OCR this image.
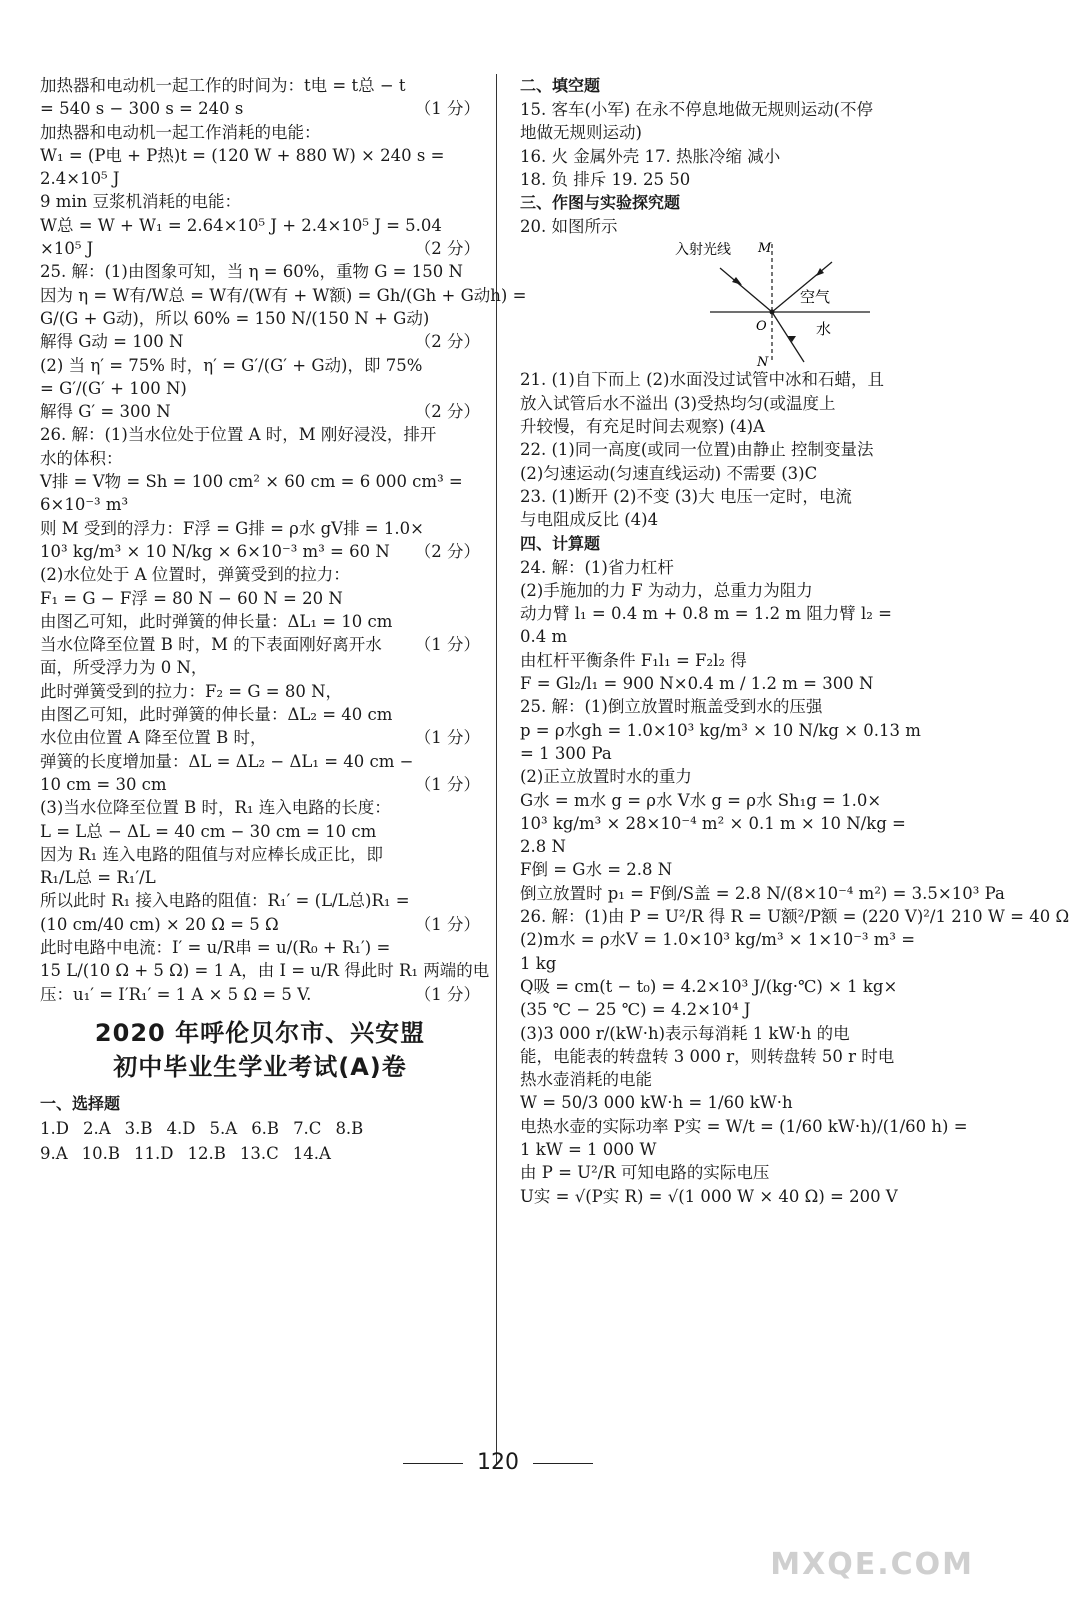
加热器和电动机一起工作的时间为：t电 = t总 − t
= 540 s − 300 s = 240 s	（1 分）
加热器和电动机一起工作消耗的电能：
W₁ = (P电 + P热)t = (120 W + 880 W) × 240 s =
2.4×10⁵ J
9 min 豆浆机消耗的电能：
W总 = W + W₁ = 2.64×10⁵ J + 2.4×10⁵ J = 5.04
×10⁵ J	（2 分）
25. 解：(1)由图象可知，当 η = 60%，重物 G = 150 N
因为 η = W有/W总 = W有/(W有 + W额) = Gh/(Gh + G动h) =
G/(G + G动)，所以 60% = 150 N/(150 N + G动)
解得 G动 = 100 N	（2 分）
(2) 当 η′ = 75% 时，η′ = G′/(G′ + G动)，即 75%
= G′/(G′ + 100 N)
解得 G′ = 300 N	（2 分）
26. 解：(1)当水位处于位置 A 时，M 刚好浸没，排开
水的体积：
V排 = V物 = Sh = 100 cm² × 60 cm = 6 000 cm³ =
6×10⁻³ m³
则 M 受到的浮力：F浮 = G排 = ρ水 gV排 = 1.0×
10³ kg/m³ × 10 N/kg × 6×10⁻³ m³ = 60 N （2 分）
(2)水位处于 A 位置时，弹簧受到的拉力：
F₁ = G − F浮 = 80 N − 60 N = 20 N
由图乙可知，此时弹簧的伸长量：ΔL₁ = 10 cm
（1 分）
当水位降至位置 B 时，M 的下表面刚好离开水
面，所受浮力为 0 N，
此时弹簧受到的拉力：F₂ = G = 80 N，
由图乙可知，此时弹簧的伸长量：ΔL₂ = 40 cm
（1 分）
水位由位置 A 降至位置 B 时，
弹簧的长度增加量：ΔL = ΔL₂ − ΔL₁ = 40 cm −
10 cm = 30 cm	（1 分）
(3)当水位降至位置 B 时，R₁ 连入电路的长度：
L = L总 − ΔL = 40 cm − 30 cm = 10 cm
因为 R₁ 连入电路的阻值与对应棒长成正比，即
R₁/L总 = R₁′/L
所以此时 R₁ 接入电路的阻值：R₁′ = (L/L总)R₁ =
(10 cm/40 cm) × 20 Ω = 5 Ω	（1 分）
此时电路中电流：I′ = u/R串 = u/(R₀ + R₁′) =
15 L/(10 Ω + 5 Ω) = 1 A，由 I = u/R 得此时 R₁ 两端的电
压：u₁′ = I′R₁′ = 1 A × 5 Ω = 5 V.	（1 分）
2020 年呼伦贝尔市、兴安盟
初中毕业生学业考试(A)卷
一、选择题
1.D 2.A 3.B 4.D 5.A 6.B 7.C 8.B
9.A 10.B 11.D 12.B 13.C 14.A
二、填空题
15. 客车(小军) 在永不停息地做无规则运动(不停
地做无规则运动)
16. 火 金属外壳 17. 热胀冷缩 减小
18. 负 排斥 19. 25 50
三、作图与实验探究题
20. 如图所示
入射光线 M
N
O
空气
水
21. (1)自下而上 (2)水面没过试管中冰和石蜡，且
放入试管后水不溢出 (3)受热均匀(或温度上
升较慢，有充足时间去观察) (4)A
22. (1)同一高度(或同一位置)由静止 控制变量法
(2)匀速运动(匀速直线运动) 不需要 (3)C
23. (1)断开 (2)不变 (3)大 电压一定时，电流
与电阻成反比 (4)4
四、计算题
24. 解：(1)省力杠杆
(2)手施加的力 F 为动力，总重力为阻力
动力臂 l₁ = 0.4 m + 0.8 m = 1.2 m 阻力臂 l₂ =
0.4 m
由杠杆平衡条件 F₁l₁ = F₂l₂ 得
F = Gl₂/l₁ = 900 N×0.4 m / 1.2 m = 300 N
25. 解：(1)倒立放置时瓶盖受到水的压强
p = ρ水gh = 1.0×10³ kg/m³ × 10 N/kg × 0.13 m
= 1 300 Pa
(2)正立放置时水的重力
G水 = m水 g = ρ水 V水 g = ρ水 Sh₁g = 1.0×
10³ kg/m³ × 28×10⁻⁴ m² × 0.1 m × 10 N/kg =
2.8 N
F倒 = G水 = 2.8 N
倒立放置时 p₁ = F倒/S盖 = 2.8 N/(8×10⁻⁴ m²) = 3.5×10³ Pa
26. 解：(1)由 P = U²/R 得 R = U额²/P额 = (220 V)²/1 210 W = 40 Ω
(2)m水 = ρ水V = 1.0×10³ kg/m³ × 1×10⁻³ m³ =
1 kg
Q吸 = cm(t − t₀) = 4.2×10³ J/(kg·℃) × 1 kg×
(35 ℃ − 25 ℃) = 4.2×10⁴ J
(3)3 000 r/(kW·h)表示每消耗 1 kW·h 的电
能，电能表的转盘转 3 000 r，则转盘转 50 r 时电
热水壶消耗的电能
W = 50/3 000 kW·h = 1/60 kW·h
电热水壶的实际功率 P实 = W/t = (1/60 kW·h)/(1/60 h) =
1 kW = 1 000 W
由 P = U²/R 可知电路的实际电压
U实 = √(P实 R) = √(1 000 W × 40 Ω) = 200 V
120
MXQE.COM
